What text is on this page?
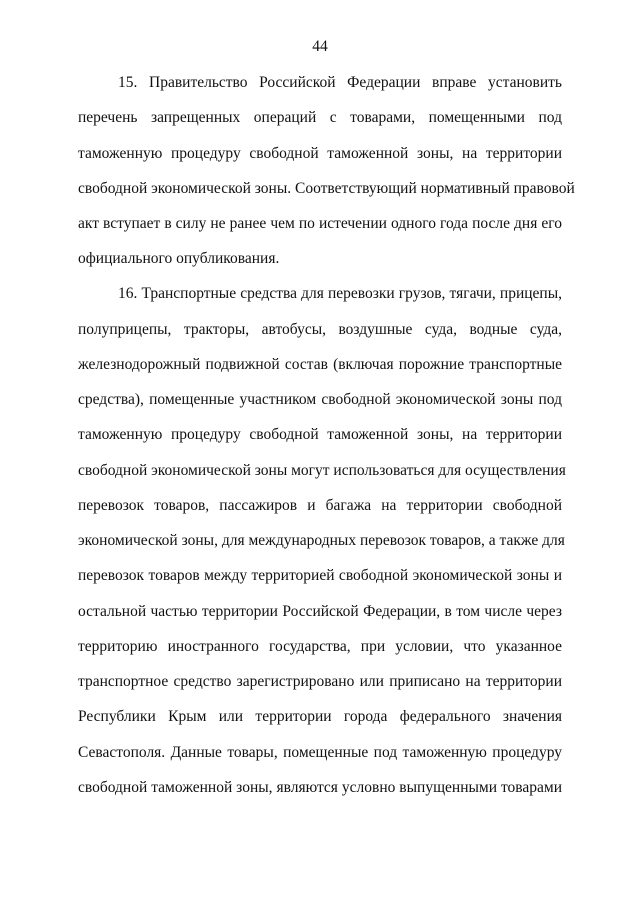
44
15. Правительство Российской Федерации вправе установить
перечень запрещенных операций с товарами, помещенными под
таможенную процедуру свободной таможенной зоны, на территории
свободной экономической зоны. Соответствующий нормативный правовой
акт вступает в силу не ранее чем по истечении одного года после дня его
официального опубликования.
16. Транспортные средства для перевозки грузов, тягачи, прицепы,
полуприцепы, тракторы, автобусы, воздушные суда, водные суда,
железнодорожный подвижной состав (включая порожние транспортные
средства), помещенные участником свободной экономической зоны под
таможенную процедуру свободной таможенной зоны, на территории
свободной экономической зоны могут использоваться для осуществления
перевозок товаров, пассажиров и багажа на территории свободной
экономической зоны, для международных перевозок товаров, а также для
перевозок товаров между территорией свободной экономической зоны и
остальной частью территории Российской Федерации, в том числе через
территорию иностранного государства, при условии, что указанное
транспортное средство зарегистрировано или приписано на территории
Республики Крым или территории города федерального значения
Севастополя. Данные товары, помещенные под таможенную процедуру
свободной таможенной зоны, являются условно выпущенными товарами
